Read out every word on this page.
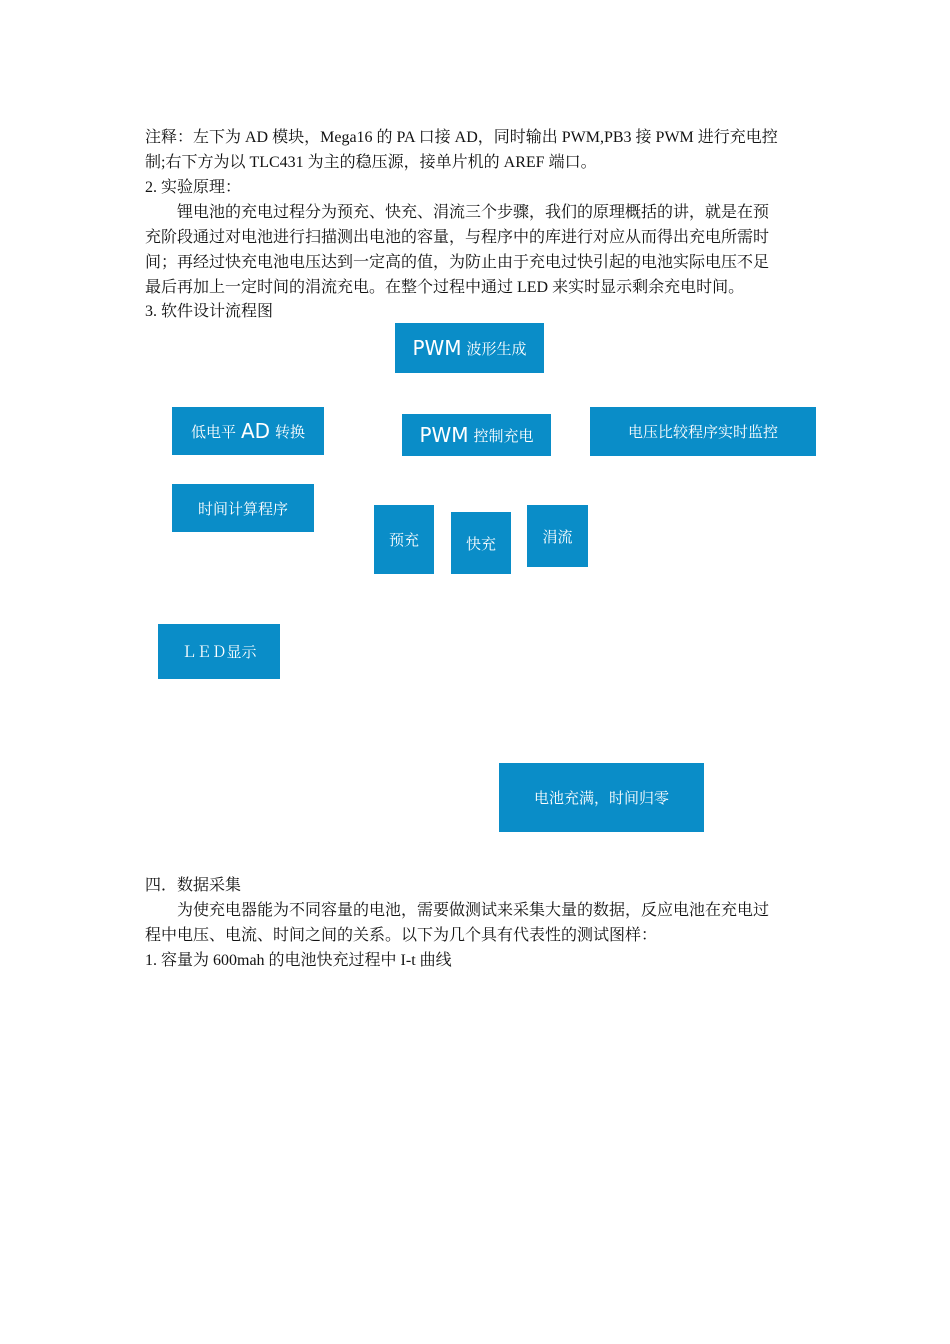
注释：左下为 AD 模块，Mega16 的 PA 口接 AD，同时输出 PWM,PB3 接 PWM 进行充电控
制;右下方为以 TLC431 为主的稳压源，接单片机的 AREF 端口。
2. 实验原理：
锂电池的充电过程分为预充、快充、涓流三个步骤，我们的原理概括的讲，就是在预
充阶段通过对电池进行扫描测出电池的容量，与程序中的库进行对应从而得出充电所需时
间；再经过快充电池电压达到一定高的值，为防止由于充电过快引起的电池实际电压不足
最后再加上一定时间的涓流充电。在整个过程中通过 LED 来实时显示剩余充电时间。
3. 软件设计流程图
PWM 波形生成
低电平 AD 转换	PWM 控制充电	电压比较程序实时监控
时间计算程序
预充	快充	涓流
ＬＥＤ显示
电池充满，时间归零
四．数据采集
为使充电器能为不同容量的电池，需要做测试来采集大量的数据，反应电池在充电过
程中电压、电流、时间之间的关系。以下为几个具有代表性的测试图样：
1. 容量为 600mah 的电池快充过程中 I-t 曲线
